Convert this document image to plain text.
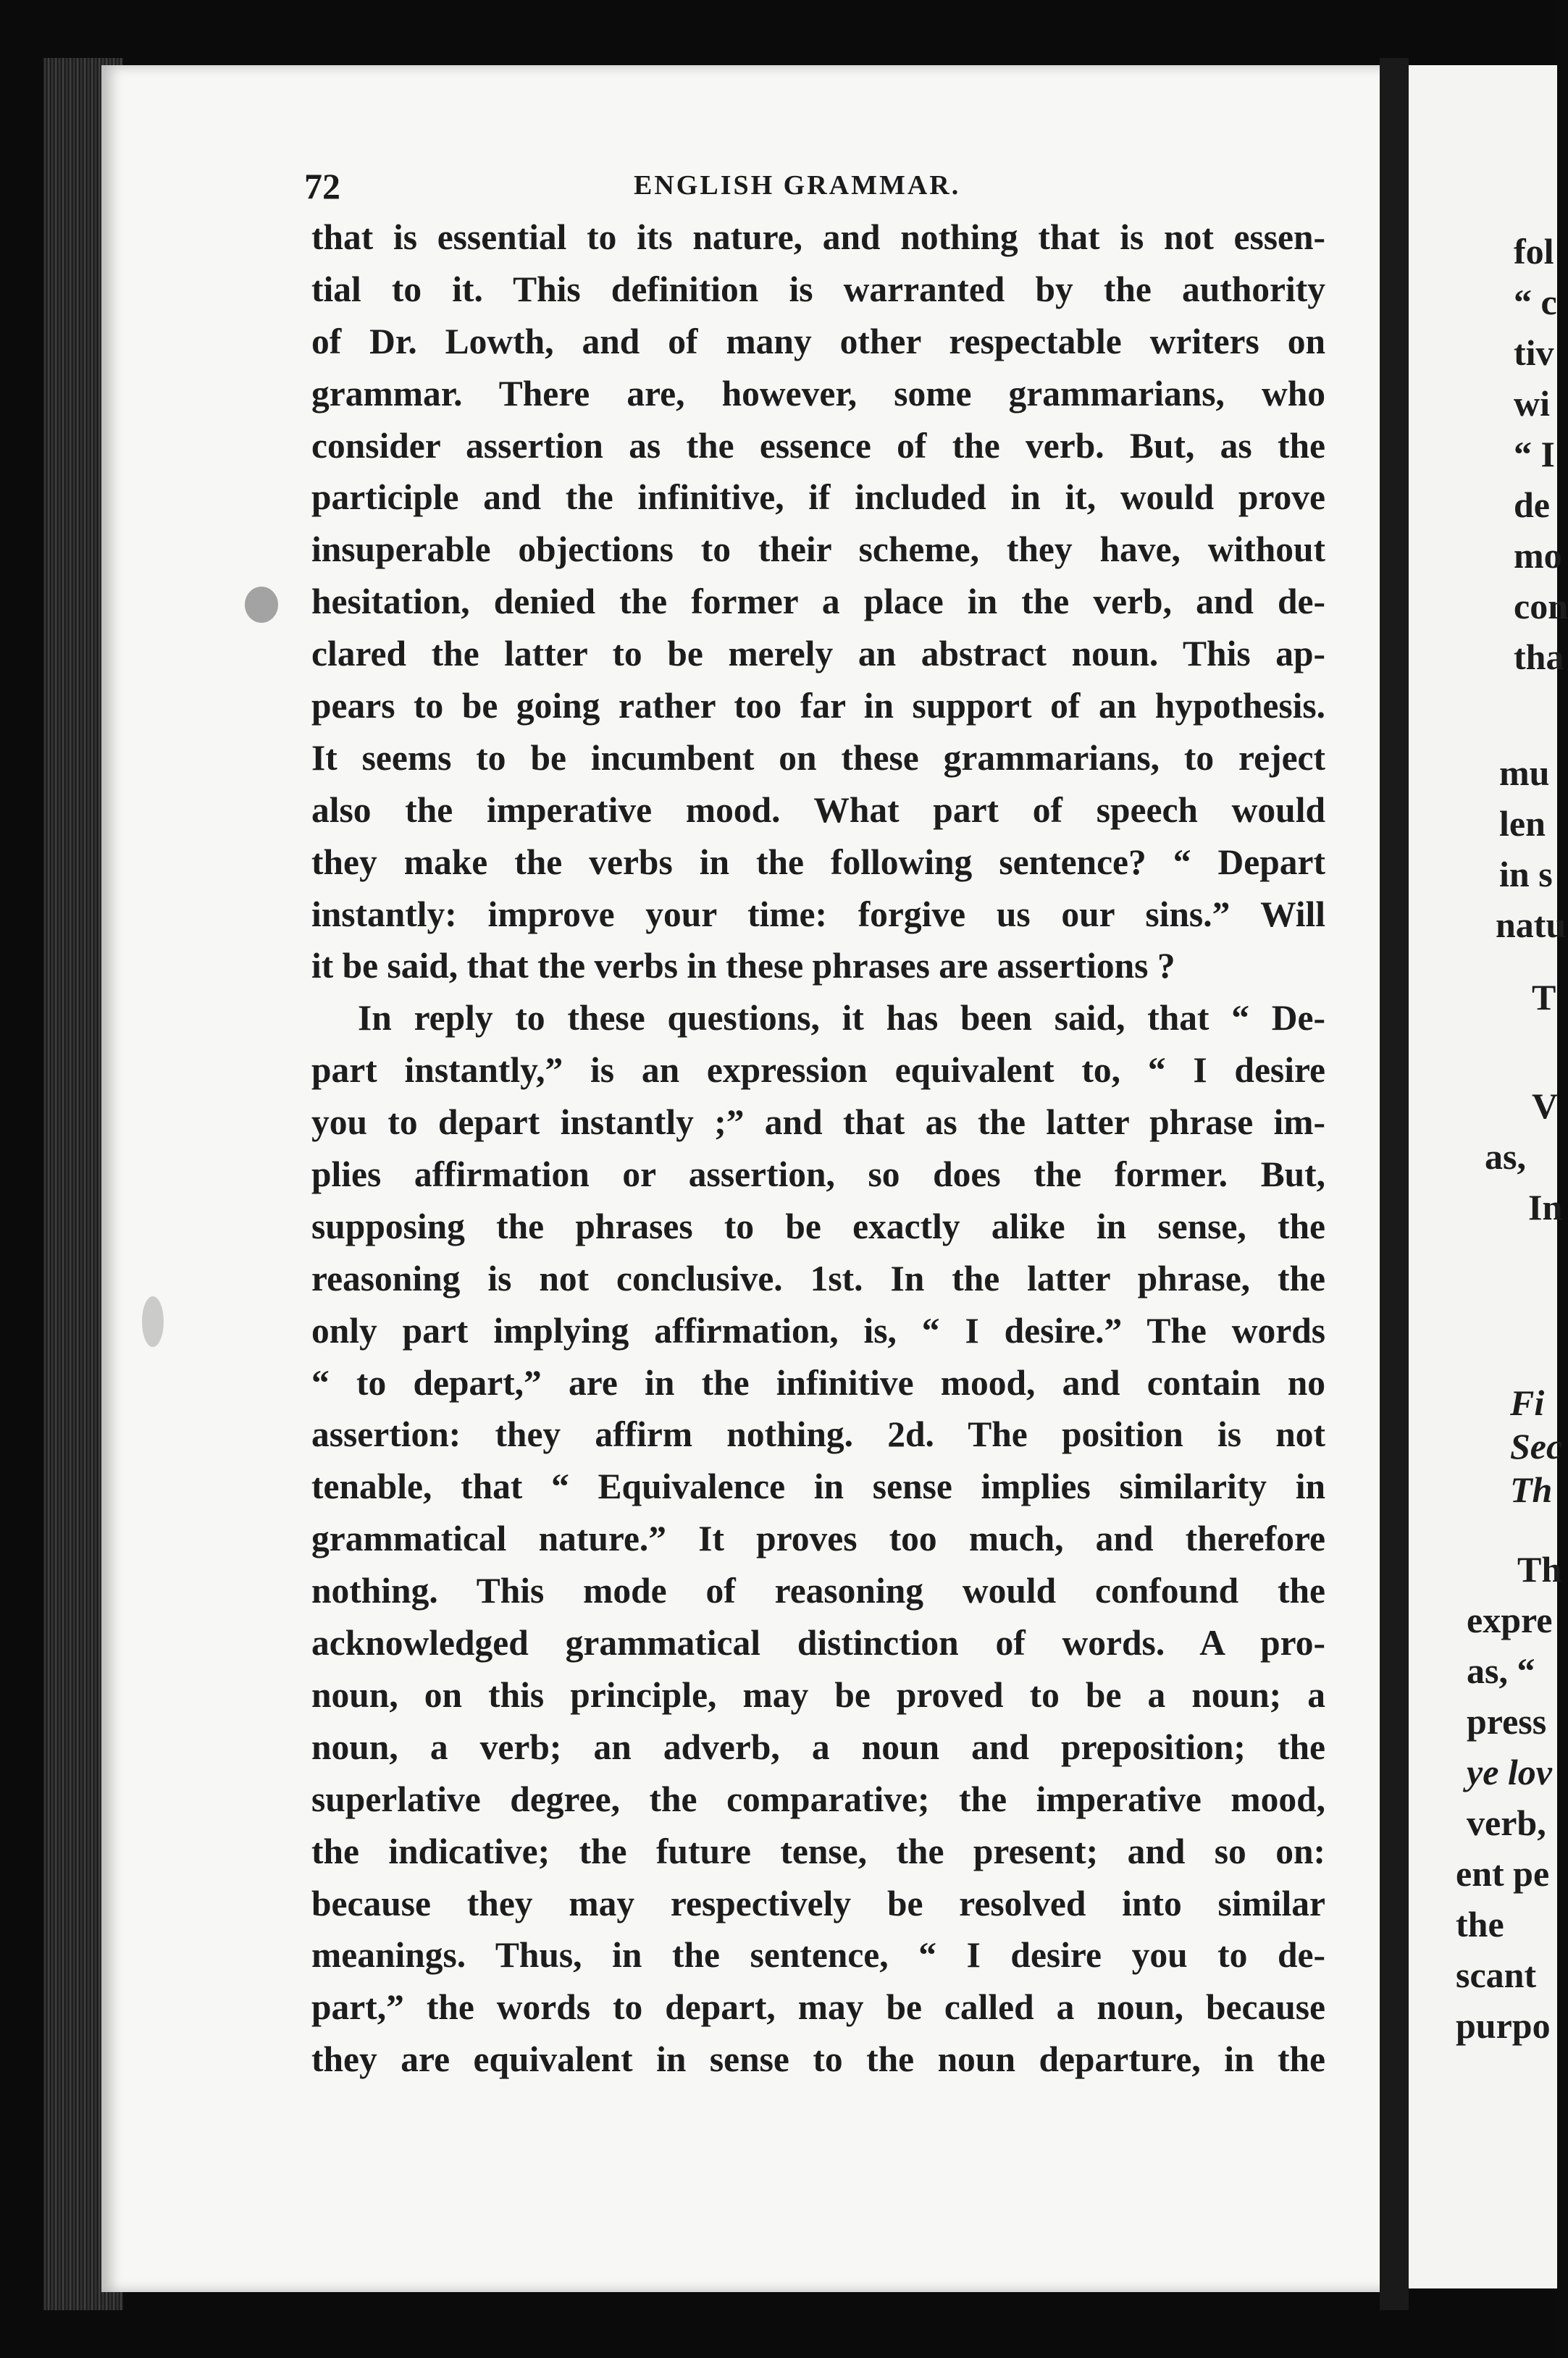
72	ENGLISH GRAMMAR.
that is essential to its nature, and nothing that is not essen-
tial to it. This definition is warranted by the authority
of Dr. Lowth, and of many other respectable writers on
grammar. There are, however, some grammarians, who
consider assertion as the essence of the verb. But, as the
participle and the infinitive, if included in it, would prove
insuperable objections to their scheme, they have, without
hesitation, denied the former a place in the verb, and de-
clared the latter to be merely an abstract noun. This ap-
pears to be going rather too far in support of an hypothesis.
It seems to be incumbent on these grammarians, to reject
also the imperative mood. What part of speech would
they make the verbs in the following sentence? “ Depart
instantly: improve your time: forgive us our sins.” Will
it be said, that the verbs in these phrases are assertions ?
In reply to these questions, it has been said, that “ De-
part instantly,” is an expression equivalent to, “ I desire
you to depart instantly ;” and that as the latter phrase im-
plies affirmation or assertion, so does the former. But,
supposing the phrases to be exactly alike in sense, the
reasoning is not conclusive. 1st. In the latter phrase, the
only part implying affirmation, is, “ I desire.” The words
“ to depart,” are in the infinitive mood, and contain no
assertion: they affirm nothing. 2d. The position is not
tenable, that “ Equivalence in sense implies similarity in
grammatical nature.” It proves too much, and therefore
nothing. This mode of reasoning would confound the
acknowledged grammatical distinction of words. A pro-
noun, on this principle, may be proved to be a noun; a
noun, a verb; an adverb, a noun and preposition; the
superlative degree, the comparative; the imperative mood,
the indicative; the future tense, the present; and so on:
because they may respectively be resolved into similar
meanings. Thus, in the sentence, “ I desire you to de-
part,” the words to depart, may be called a noun, because
they are equivalent in sense to the noun departure, in the
fol
“ c
tiv
wi
“ I
de
mo
con
tha
mu
len
in s
natu
T
V
as,
In
Fi
Sec
Th
Th
expre
as, “
press
ye lov
verb,
ent pe
the
scant
purpo
